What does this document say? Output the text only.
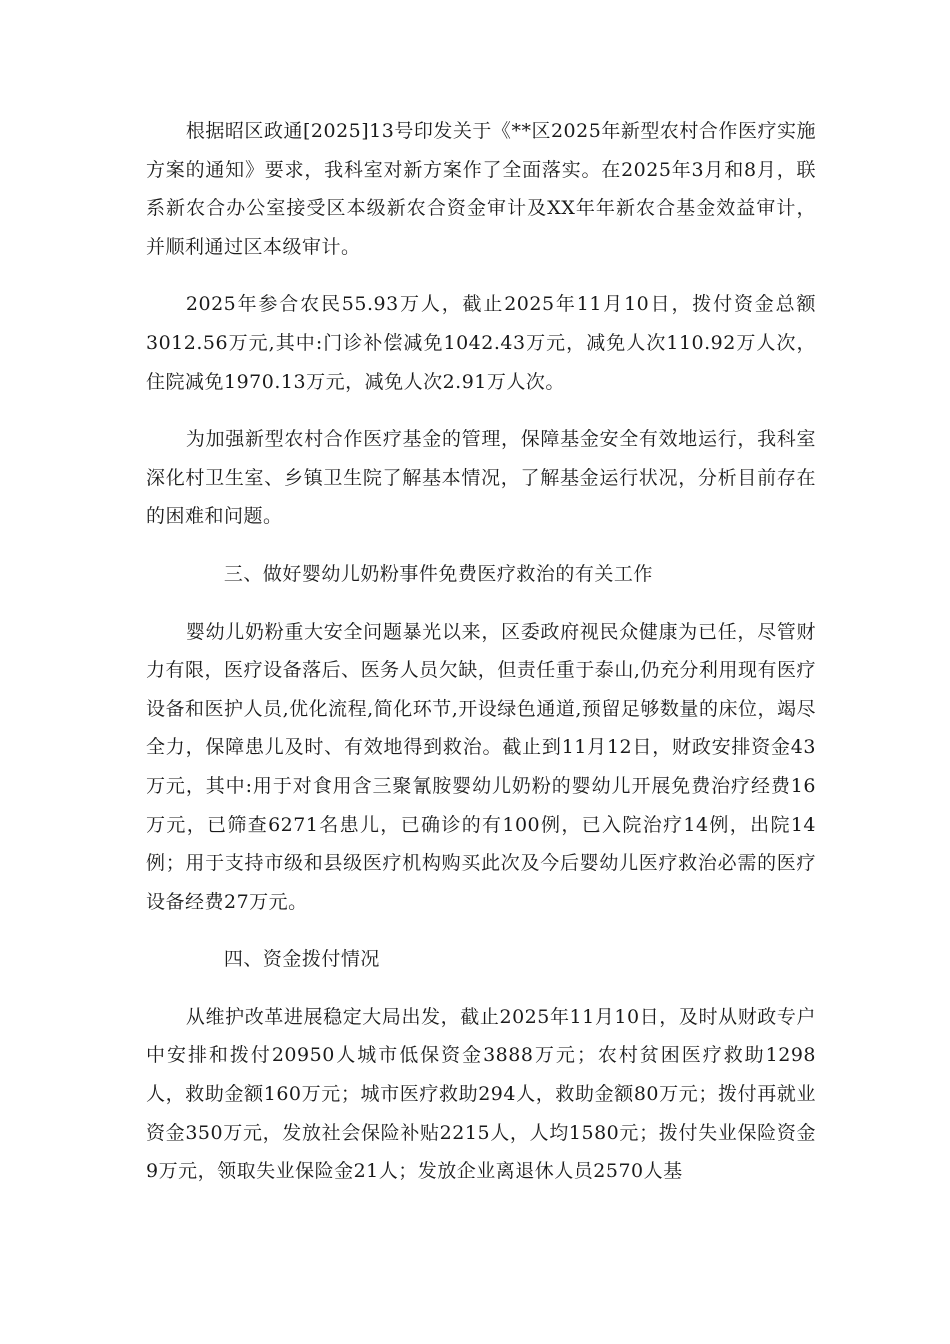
根据昭区政通[2025]13号印发关于《**区2025年新型农村合作医疗实施方案的通知》要求，我科室对新方案作了全面落实。在2025年3月和8月，联系新农合办公室接受区本级新农合资金审计及XX年年新农合基金效益审计，并顺利通过区本级审计。

2025年参合农民55.93万人，截止2025年11月10日，拨付资金总额3012.56万元,其中:门诊补偿减免1042.43万元，减免人次110.92万人次，住院减免1970.13万元，减免人次2.91万人次。

为加强新型农村合作医疗基金的管理，保障基金安全有效地运行，我科室深化村卫生室、乡镇卫生院了解基本情况，了解基金运行状况，分析目前存在的困难和问题。

三、做好婴幼儿奶粉事件免费医疗救治的有关工作

婴幼儿奶粉重大安全问题暴光以来，区委政府视民众健康为已任，尽管财力有限，医疗设备落后、医务人员欠缺，但责任重于泰山,仍充分利用现有医疗设备和医护人员,优化流程,简化环节,开设绿色通道,预留足够数量的床位，竭尽全力，保障患儿及时、有效地得到救治。截止到11月12日，财政安排资金43万元，其中:用于对食用含三聚氰胺婴幼儿奶粉的婴幼儿开展免费治疗经费16万元，已筛查6271名患儿，已确诊的有100例，已入院治疗14例，出院14例；用于支持市级和县级医疗机构购买此次及今后婴幼儿医疗救治必需的医疗设备经费27万元。

四、资金拨付情况

从维护改革进展稳定大局出发，截止2025年11月10日，及时从财政专户中安排和拨付20950人城市低保资金3888万元；农村贫困医疗救助1298人，救助金额160万元；城市医疗救助294人，救助金额80万元；拨付再就业资金350万元，发放社会保险补贴2215人，人均1580元；拨付失业保险资金9万元，领取失业保险金21人；发放企业离退休人员2570人基
